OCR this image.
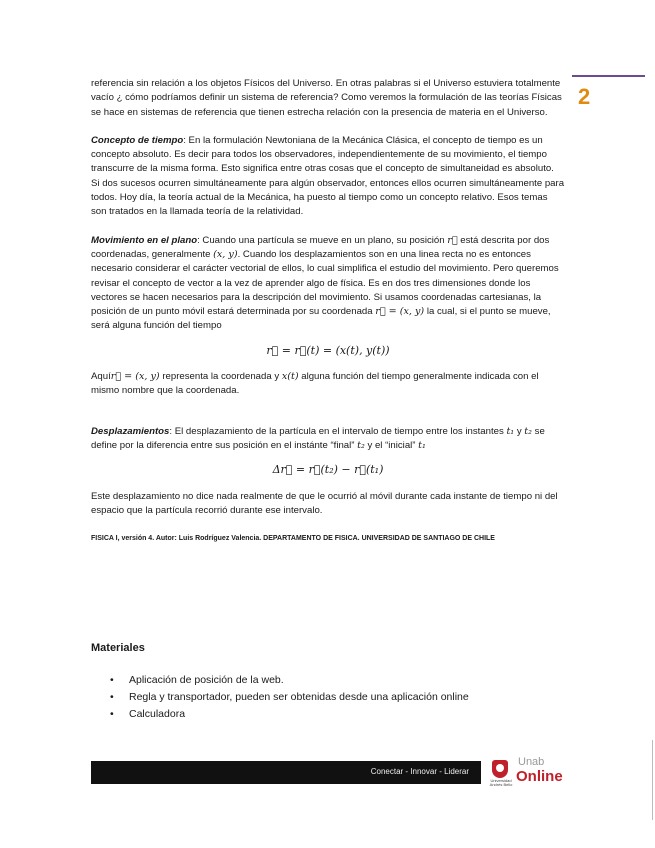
2

referencia sin relación a los objetos Físicos del Universo. En otras palabras si el Universo estuviera totalmente vacío ¿ cómo podríamos definir un sistema de referencia? Como veremos la formulación de las teorías Físicas se hace en sistemas de referencia que tienen estrecha relación con la presencia de materia en el Universo.

Concepto de tiempo: En la formulación Newtoniana de la Mecánica Clásica, el concepto de tiempo es un concepto absoluto. Es decir para todos los observadores, independientemente de su movimiento, el tiempo transcurre de la misma forma. Esto significa entre otras cosas que el concepto de simultaneidad es absoluto. Si dos sucesos ocurren simultáneamente para algún observador, entonces ellos ocurren simultáneamente para todos. Hoy día, la teoría actual de la Mecánica, ha puesto al tiempo como un concepto relativo. Esos temas son tratados en la llamada teoría de la relatividad.

Movimiento en el plano: Cuando una partícula se mueve en un plano, su posición r⃗ está descrita por dos coordenadas, generalmente (x, y). Cuando los desplazamientos son en una linea recta no es entonces necesario considerar el carácter vectorial de ellos, lo cual simplifica el estudio del movimiento. Pero queremos revisar el concepto de vector a la vez de aprender algo de física. Es en dos tres dimensiones donde los vectores se hacen necesarios para la descripción del movimiento. Si usamos coordenadas cartesianas, la posición de un punto móvil estará determinada por su coordenada r⃗ = (x, y) la cual, si el punto se mueve, será alguna función del tiempo

r⃗ = r⃗(t) = (x(t), y(t))

Aquír⃗ = (x, y) representa la coordenada y x(t) alguna función del tiempo generalmente indicada con el mismo nombre que la coordenada.

Desplazamientos: El desplazamiento de la partícula en el intervalo de tiempo entre los instantes t₁ y t₂ se define por la diferencia entre sus posición en el instánte “final” t₂ y el “inicial” t₁

Δr⃗ = r⃗(t₂) − r⃗(t₁)

Este desplazamiento no dice nada realmente de que le ocurrió al móvil durante cada instante de tiempo ni del espacio que la partícula recorrió durante ese intervalo.

FISICA I, versión 4. Autor: Luis Rodríguez Valencia. DEPARTAMENTO DE FISICA. UNIVERSIDAD DE SANTIAGO DE CHILE
Materiales
• Aplicación de posición de la web.
• Regla y transportador, pueden ser obtenidas desde una aplicación online
• Calculadora
Conectar - Innovar - Liderar
Universidad Andrés Bello
Unab
Online
